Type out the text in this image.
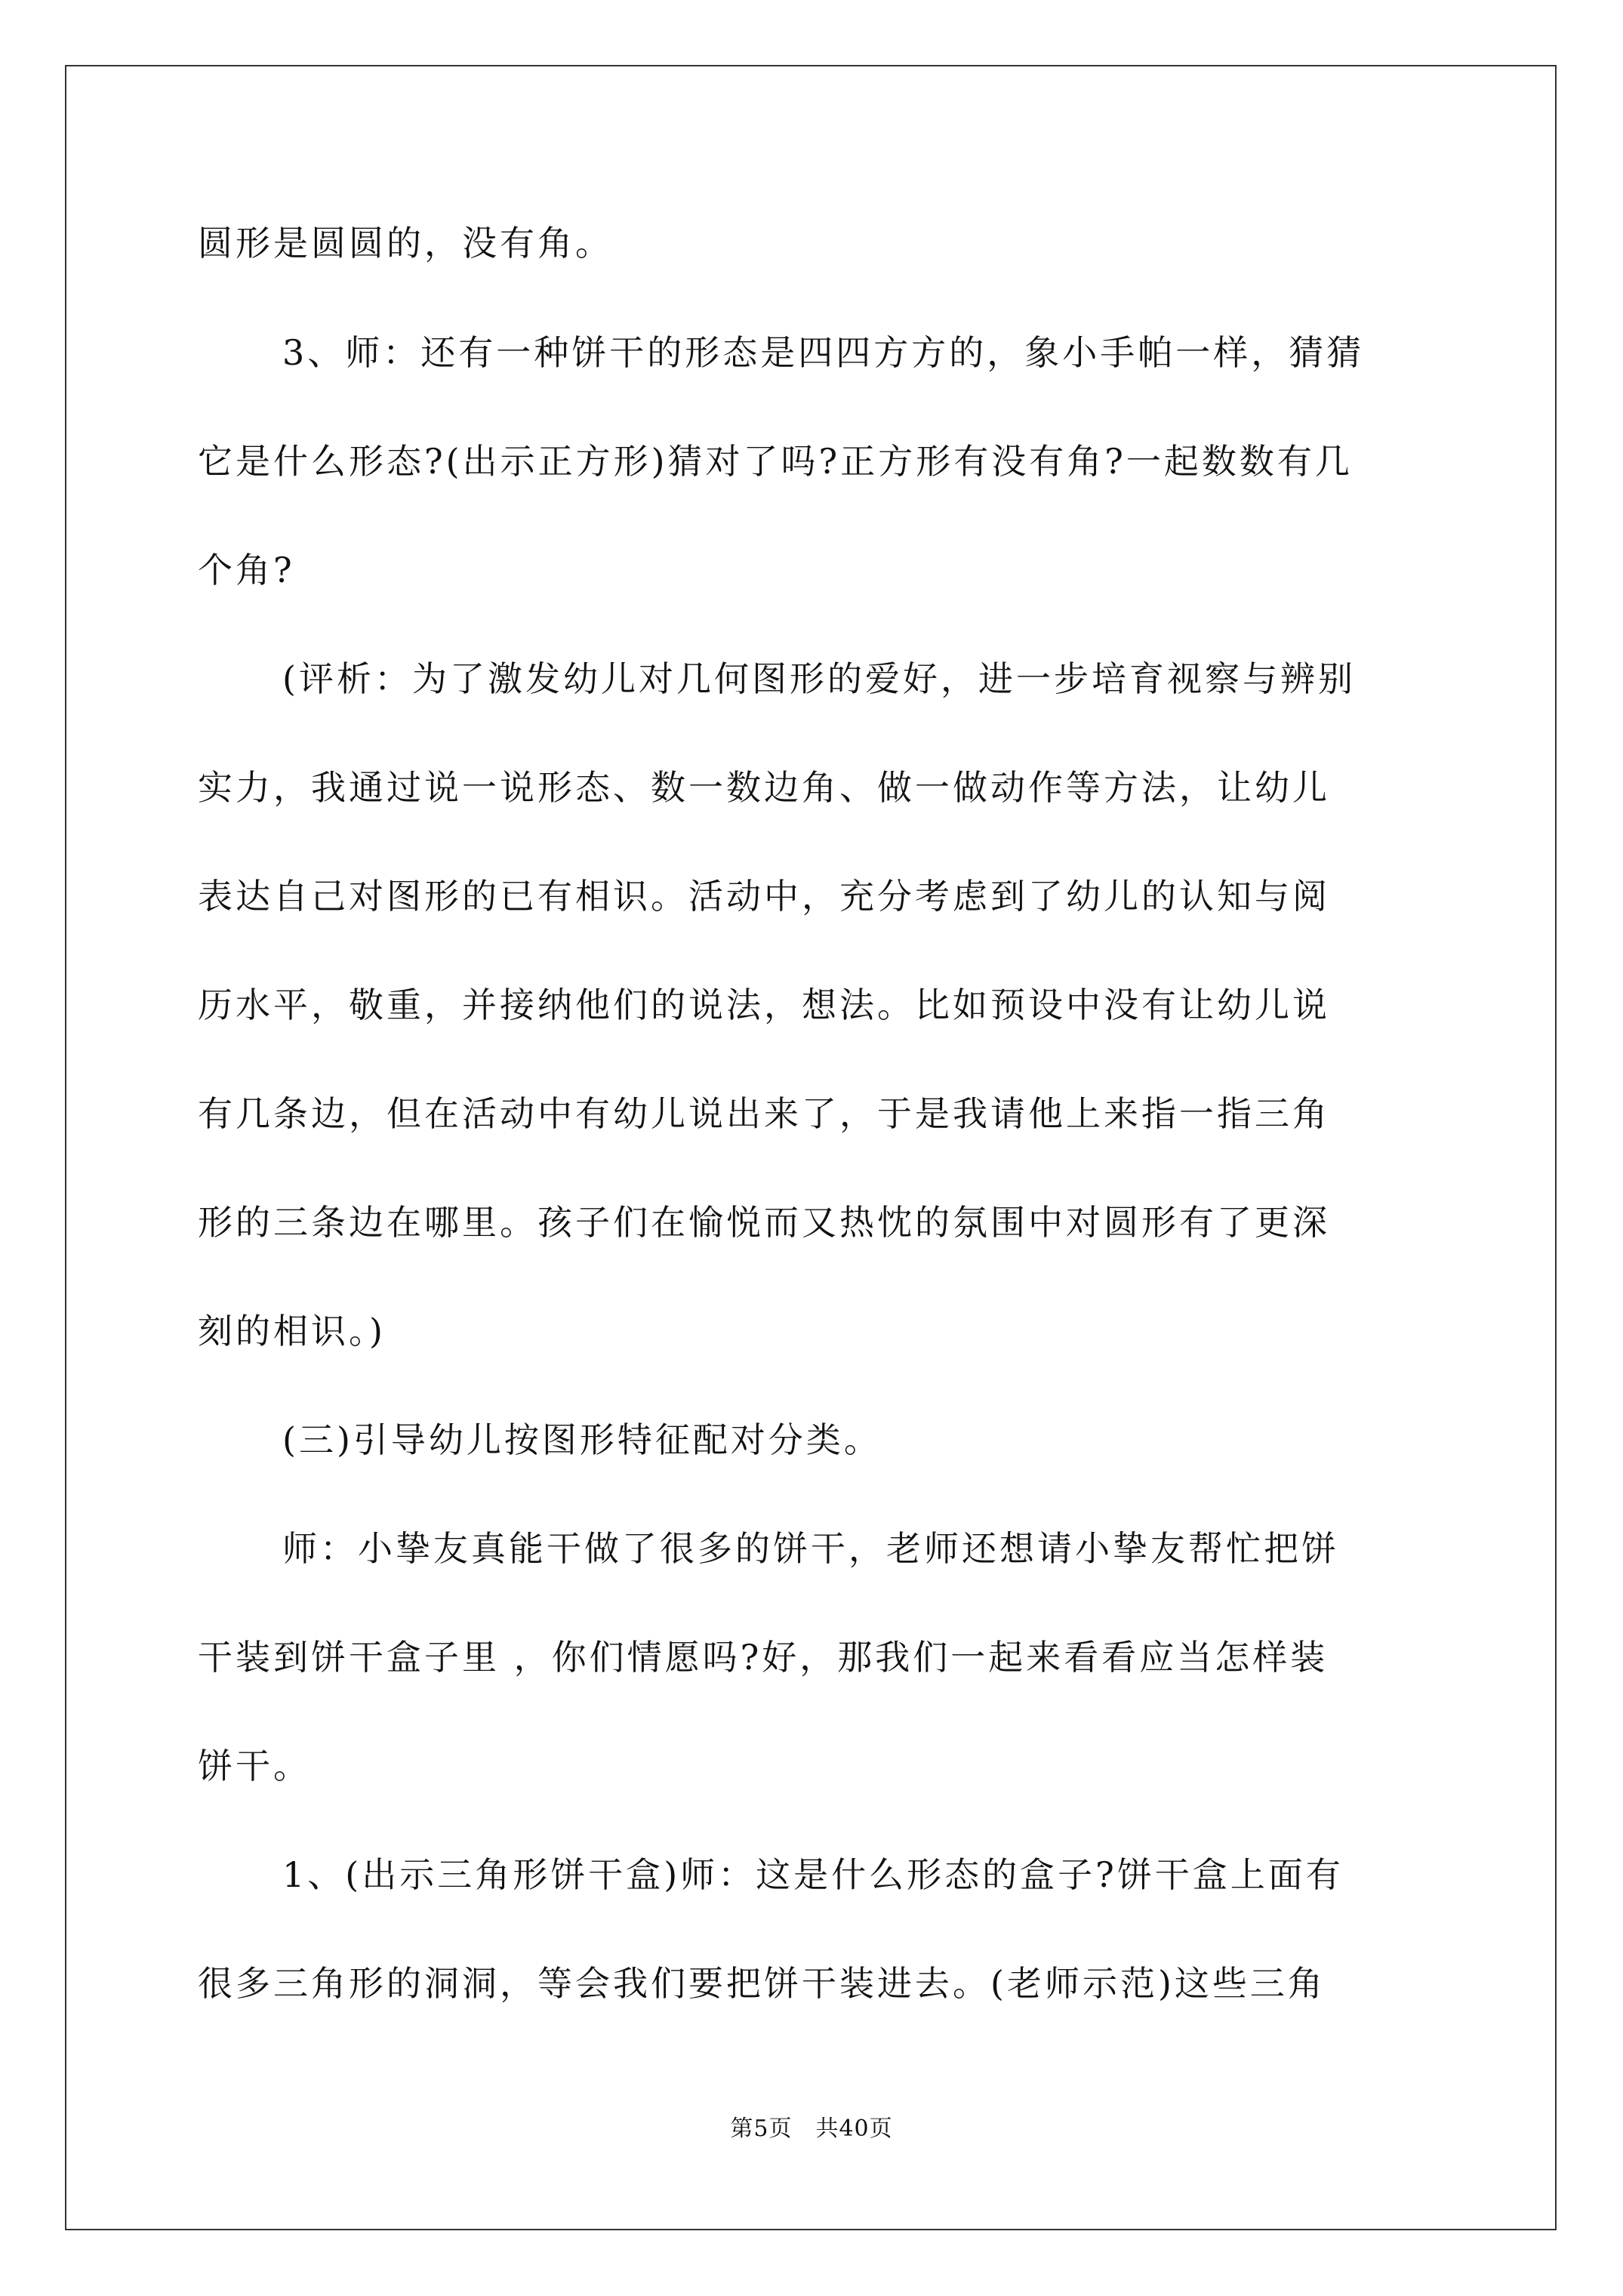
圆形是圆圆的，没有角。
3、师：还有一种饼干的形态是四四方方的，象小手帕一样，猜猜
它是什么形态?(出示正方形)猜对了吗?正方形有没有角?一起数数有几
个角?
(评析：为了激发幼儿对几何图形的爱好，进一步培育视察与辨别
实力，我通过说一说形态、数一数边角、做一做动作等方法，让幼儿
表达自己对图形的已有相识。活动中，充分考虑到了幼儿的认知与阅
历水平，敬重，并接纳他们的说法，想法。比如预设中没有让幼儿说
有几条边，但在活动中有幼儿说出来了，于是我请他上来指一指三角
形的三条边在哪里。孩子们在愉悦而又热忱的氛围中对圆形有了更深
刻的相识。)
(三)引导幼儿按图形特征配对分类。
师：小挚友真能干做了很多的饼干，老师还想请小挚友帮忙把饼
干装到饼干盒子里 ，你们情愿吗?好，那我们一起来看看应当怎样装
饼干。
1、(出示三角形饼干盒)师：这是什么形态的盒子?饼干盒上面有
很多三角形的洞洞，等会我们要把饼干装进去。(老师示范)这些三角
第5页　共40页
